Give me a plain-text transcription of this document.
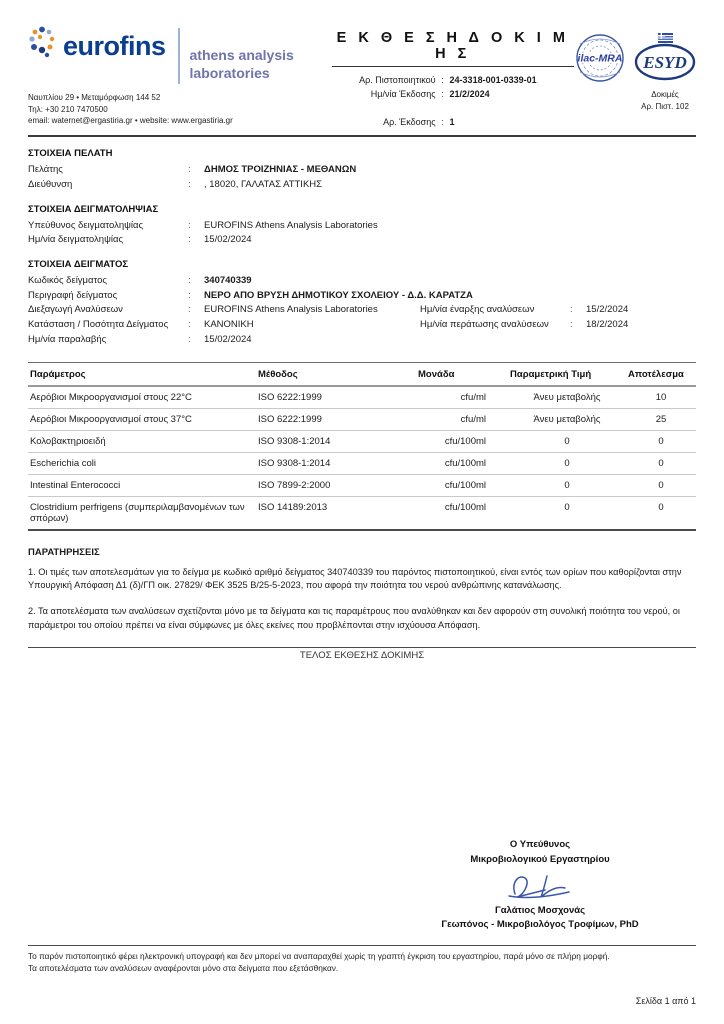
eurofins athens analysis
laboratories
Ναυπλίου 29 • Μεταμόρφωση 144 52
Τηλ: +30 210 7470500
email: waternet@ergastiria.gr • website: www.ergastiria.gr
Ε Κ Θ Ε Σ Η Δ Ο Κ Ι Μ Η Σ
Αρ. Πιστοποιητικού : 24-3318-001-0339-01
Ημ/νία Έκδοσης : 21/2/2024
Αρ. Έκδοσης : 1
ilac-MRA ESYD
Δοκιμές
Αρ. Πιστ. 102
ΣΤΟΙΧΕΙΑ ΠΕΛΑΤΗ
Πελάτης :	ΔΗΜΟΣ ΤΡΟΙΖΗΝΙΑΣ - ΜΕΘΑΝΩΝ
Διεύθυνση :	, 18020, ΓΑΛΑΤΑΣ ΑΤΤΙΚΗΣ
ΣΤΟΙΧΕΙΑ ΔΕΙΓΜΑΤΟΛΗΨΙΑΣ
Υπεύθυνος δειγματοληψίας :	EUROFINS Athens Analysis Laboratories
Ημ/νία δειγματοληψίας :	15/02/2024
ΣΤΟΙΧΕΙΑ ΔΕΙΓΜΑΤΟΣ
Κωδικός δείγματος :	340740339
Περιγραφή δείγματος :	ΝΕΡΟ ΑΠΟ ΒΡΥΣΗ ΔΗΜΟΤΙΚΟΥ ΣΧΟΛΕΙΟΥ - Δ.Δ. ΚΑΡΑΤΖΑ
Διεξαγωγή Αναλύσεων :	EUROFINS Athens Analysis Laboratories	Ημ/νία έναρξης αναλύσεων :	15/2/2024
Κατάσταση / Ποσότητα Δείγματος :	ΚΑΝΟΝΙΚΗ	Ημ/νία περάτωσης αναλύσεων :	18/2/2024
Ημ/νία παραλαβής :	15/02/2024
Παράμετρος	Μέθοδος	Μονάδα	Παραμετρική Τιμή	Αποτέλεσμα
Αερόβιοι Μικροοργανισμοί στους 22°C	ISO 6222:1999	cfu/ml	Άνευ μεταβολής	10
Αερόβιοι Μικροοργανισμοί στους 37°C	ISO 6222:1999	cfu/ml	Άνευ μεταβολής	25
Κολοβακτηριοειδή	ISO 9308-1:2014	cfu/100ml	0	0
Escherichia coli	ISO 9308-1:2014	cfu/100ml	0	0
Intestinal Enterococci	ISO 7899-2:2000	cfu/100ml	0	0
Clostridium perfrigens (συμπεριλαμβανομένων των σπόρων)	ISO 14189:2013	cfu/100ml	0	0
ΠΑΡΑΤΗΡΗΣΕΙΣ
1. Οι τιμές των αποτελεσμάτων για το δείγμα με κωδικό αριθμό δείγματος 340740339 του παρόντος πιστοποιητικού, είναι εντός των ορίων που καθορίζονται στην Υπουργική Απόφαση Δ1 (δ)/ΓΠ οικ. 27829/ ΦΕΚ 3525 Β/25-5-2023, που αφορά την ποιότητα του νερού ανθρώπινης κατανάλωσης.
2. Τα αποτελέσματα των αναλύσεων σχετίζονται μόνο με τα δείγματα και τις παραμέτρους που αναλύθηκαν και δεν αφορούν στη συνολική ποιότητα του νερού, οι παράμετροι του οποίου πρέπει να είναι σύμφωνες με όλες εκείνες που προβλέπονται στην ισχύουσα Απόφαση.
ΤΕΛΟΣ ΕΚΘΕΣΗΣ ΔΟΚΙΜΗΣ
Ο Υπεύθυνος
Μικροβιολογικού Εργαστηρίου
Γαλάτιος Μοσχονάς
Γεωπόνος - Μικροβιολόγος Τροφίμων, PhD
Το παρόν πιστοποιητικό φέρει ηλεκτρονική υπογραφή και δεν μπορεί να αναπαραχθεί χωρίς τη γραπτή έγκριση του εργαστηρίου, παρά μόνο σε πλήρη μορφή.
Τα αποτελέσματα των αναλύσεων αναφέρονται μόνο στα δείγματα που εξετάσθηκαν.
Σελίδα 1 από 1
